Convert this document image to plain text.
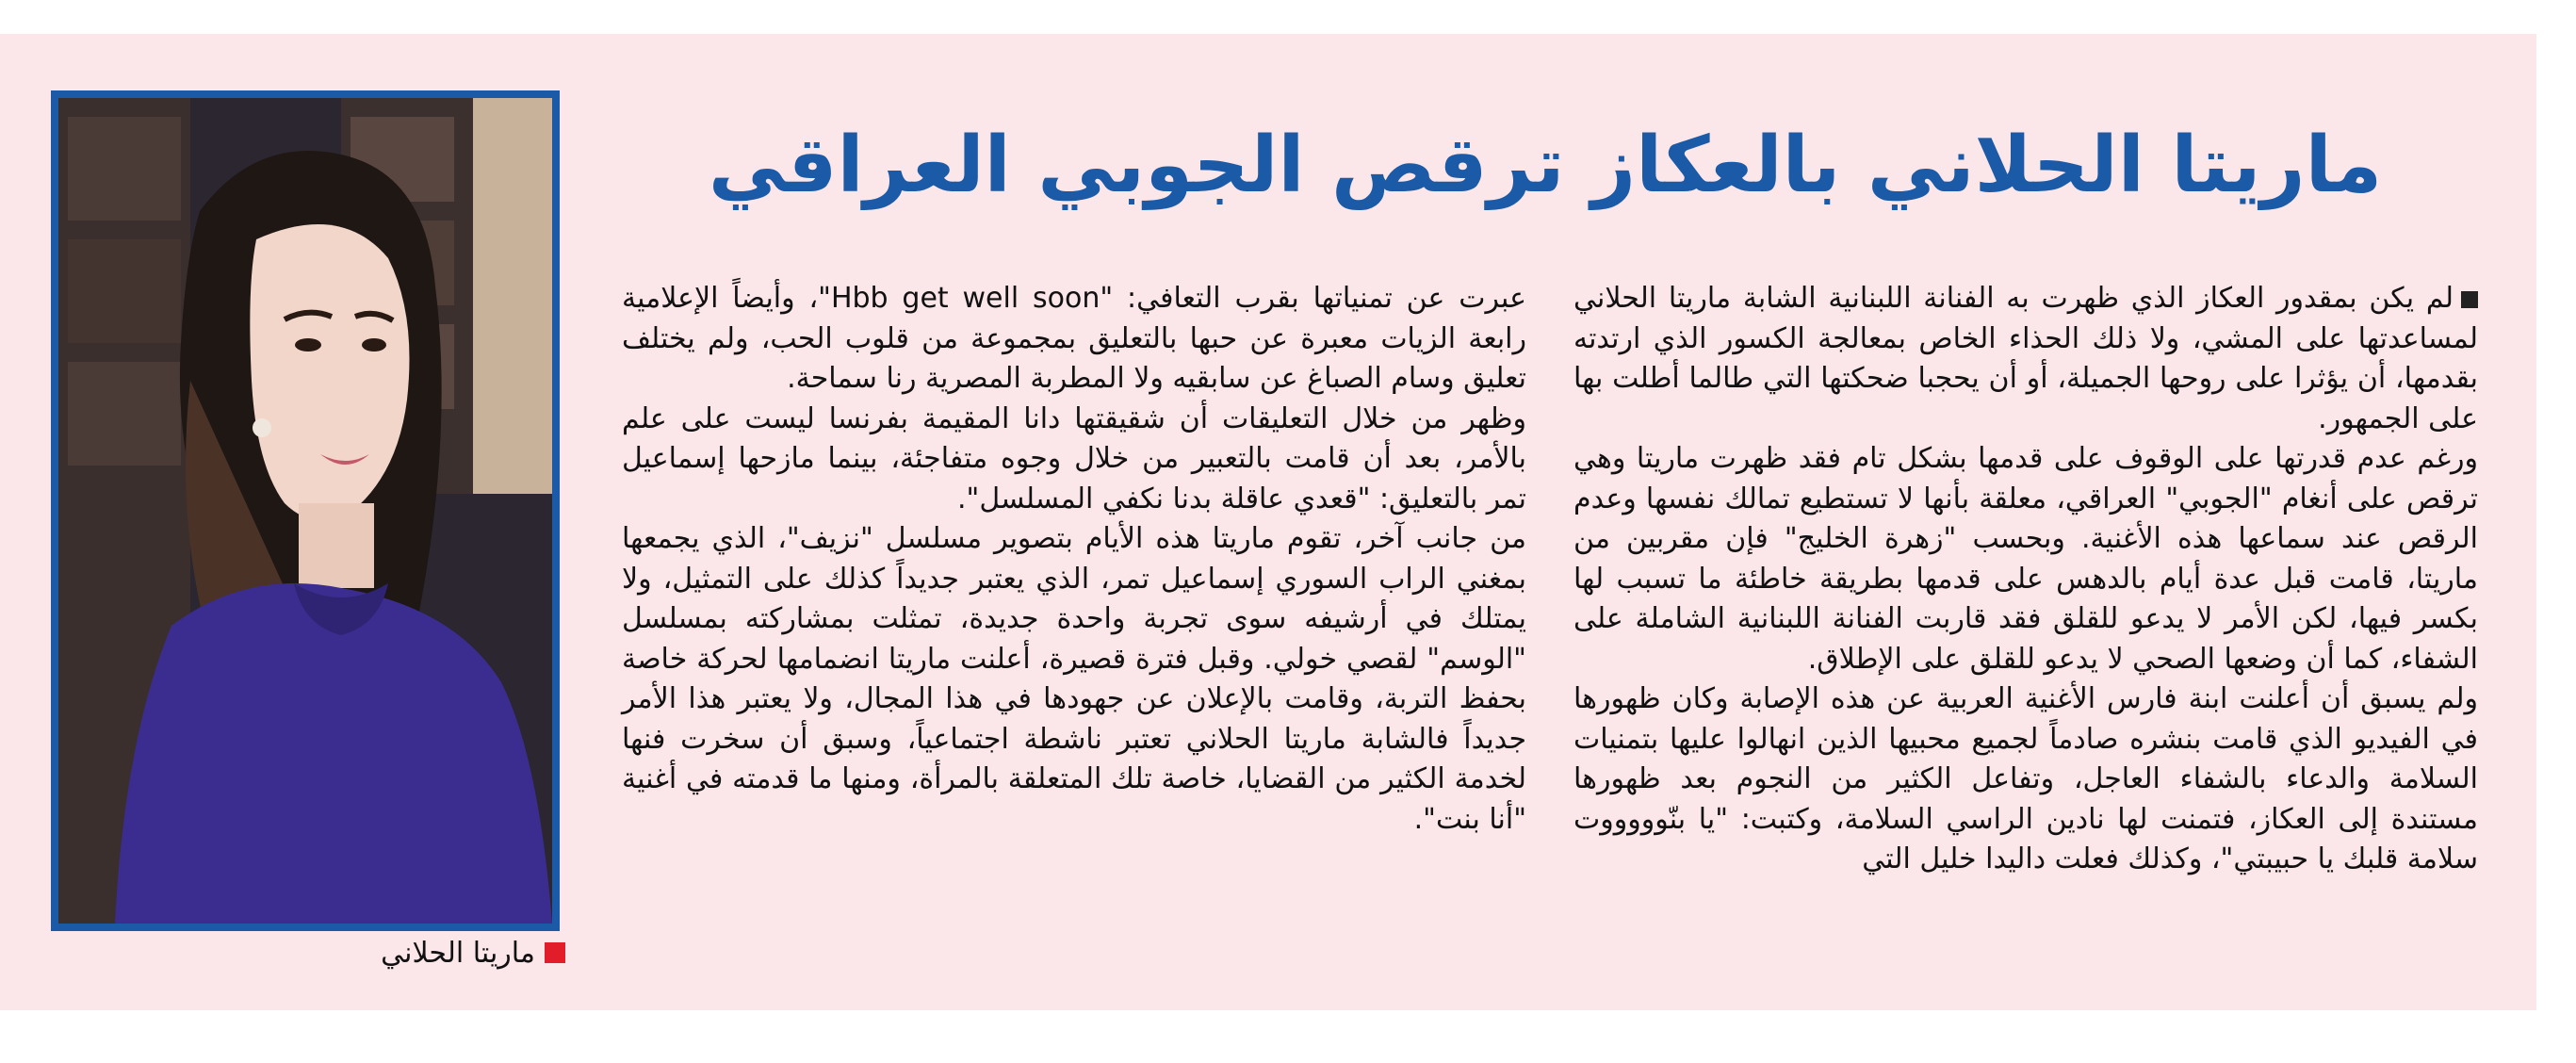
ماريتا الحلاني
ماريتا الحلاني بالعكاز ترقص الجوبي العراقي

لم يكن بمقدور العكاز الذي ظهرت به الفنانة اللبنانية الشابة ماريتا الحلاني لمساعدتها على المشي، ولا ذلك الحذاء الخاص بمعالجة الكسور الذي ارتدته بقدمها، أن يؤثرا على روحها الجميلة، أو أن يحجبا ضحكتها التي طالما أطلت بها على الجمهور.

ورغم عدم قدرتها على الوقوف على قدمها بشكل تام فقد ظهرت ماريتا وهي ترقص على أنغام "الجوبي" العراقي، معلقة بأنها لا تستطيع تمالك نفسها وعدم الرقص عند سماعها هذه الأغنية. وبحسب "زهرة الخليج" فإن مقربين من ماريتا، قامت قبل عدة أيام بالدهس على قدمها بطريقة خاطئة ما تسبب لها بكسر فيها، لكن الأمر لا يدعو للقلق فقد قاربت الفنانة اللبنانية الشاملة على الشفاء، كما أن وضعها الصحي لا يدعو للقلق على الإطلاق.

ولم يسبق أن أعلنت ابنة فارس الأغنية العربية عن هذه الإصابة وكان ظهورها في الفيديو الذي قامت بنشره صادماً لجميع محبيها الذين انهالوا عليها بتمنيات السلامة والدعاء بالشفاء العاجل، وتفاعل الكثير من النجوم بعد ظهورها مستندة إلى العكاز، فتمنت لها نادين الراسي السلامة، وكتبت: "يا بنّوووووت سلامة قلبك يا حبيبتي"، وكذلك فعلت داليدا خليل التي

عبرت عن تمنياتها بقرب التعافي: "Hbb get well soon"، وأيضاً الإعلامية رابعة الزيات معبرة عن حبها بالتعليق بمجموعة من قلوب الحب، ولم يختلف تعليق وسام الصباغ عن سابقيه ولا المطربة المصرية رنا سماحة.

وظهر من خلال التعليقات أن شقيقتها دانا المقيمة بفرنسا ليست على علم بالأمر، بعد أن قامت بالتعبير من خلال وجوه متفاجئة، بينما مازحها إسماعيل تمر بالتعليق: "قعدي عاقلة بدنا نكفي المسلسل".

من جانب آخر، تقوم ماريتا هذه الأيام بتصوير مسلسل "نزيف"، الذي يجمعها بمغني الراب السوري إسماعيل تمر، الذي يعتبر جديداً كذلك على التمثيل، ولا يمتلك في أرشيفه سوى تجربة واحدة جديدة، تمثلت بمشاركته بمسلسل "الوسم" لقصي خولي. وقبل فترة قصيرة، أعلنت ماريتا انضمامها لحركة خاصة بحفظ التربة، وقامت بالإعلان عن جهودها في هذا المجال، ولا يعتبر هذا الأمر جديداً فالشابة ماريتا الحلاني تعتبر ناشطة اجتماعياً، وسبق أن سخرت فنها لخدمة الكثير من القضايا، خاصة تلك المتعلقة بالمرأة، ومنها ما قدمته في أغنية "أنا بنت".
